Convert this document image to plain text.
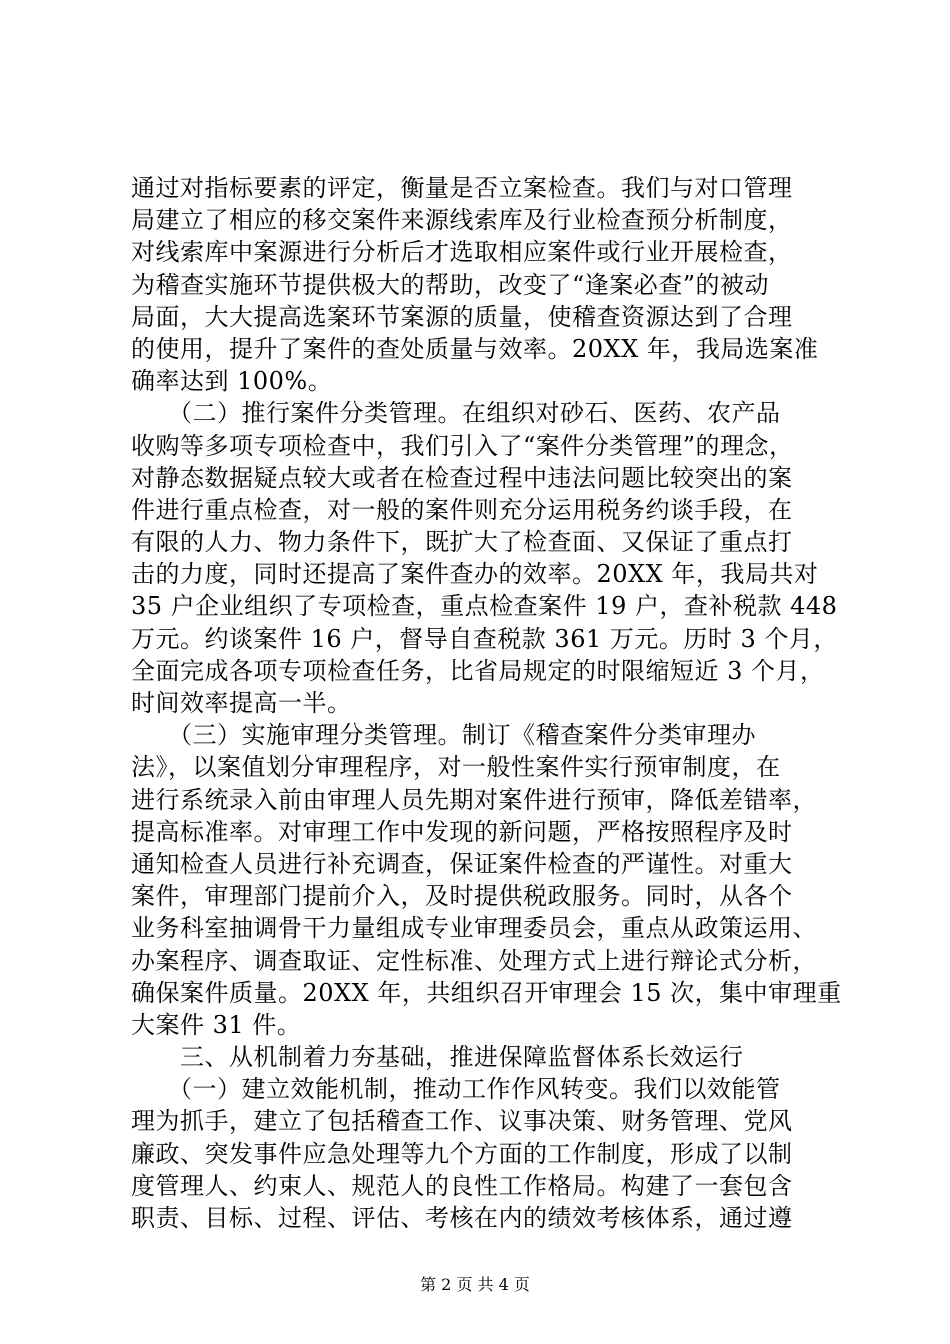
通过对指标要素的评定，衡量是否立案检查。我们与对口管理
局建立了相应的移交案件来源线索库及行业检查预分析制度，
对线索库中案源进行分析后才选取相应案件或行业开展检查，
为稽查实施环节提供极大的帮助，改变了“逢案必查”的被动
局面，大大提高选案环节案源的质量，使稽查资源达到了合理
的使用，提升了案件的查处质量与效率。20XX 年，我局选案准
确率达到 100%。
　　（二）推行案件分类管理。在组织对砂石、医药、农产品
收购等多项专项检查中，我们引入了“案件分类管理”的理念，
对静态数据疑点较大或者在检查过程中违法问题比较突出的案
件进行重点检查，对一般的案件则充分运用税务约谈手段，在
有限的人力、物力条件下，既扩大了检查面、又保证了重点打
击的力度，同时还提高了案件查办的效率。20XX 年，我局共对
35 户企业组织了专项检查，重点检查案件 19 户，查补税款 448
万元。约谈案件 16 户，督导自查税款 361 万元。历时 3 个月，
全面完成各项专项检查任务，比省局规定的时限缩短近 3 个月，
时间效率提高一半。
　　（三）实施审理分类管理。制订《稽查案件分类审理办
法》，以案值划分审理程序，对一般性案件实行预审制度，在
进行系统录入前由审理人员先期对案件进行预审，降低差错率，
提高标准率。对审理工作中发现的新问题，严格按照程序及时
通知检查人员进行补充调查，保证案件检查的严谨性。对重大
案件，审理部门提前介入，及时提供税政服务。同时，从各个
业务科室抽调骨干力量组成专业审理委员会，重点从政策运用、
办案程序、调查取证、定性标准、处理方式上进行辩论式分析，
确保案件质量。20XX 年，共组织召开审理会 15 次，集中审理重
大案件 31 件。
　　三、从机制着力夯基础，推进保障监督体系长效运行
　　（一）建立效能机制，推动工作作风转变。我们以效能管
理为抓手，建立了包括稽查工作、议事决策、财务管理、党风
廉政、突发事件应急处理等九个方面的工作制度，形成了以制
度管理人、约束人、规范人的良性工作格局。构建了一套包含
职责、目标、过程、评估、考核在内的绩效考核体系，通过遵
第 2 页 共 4 页
